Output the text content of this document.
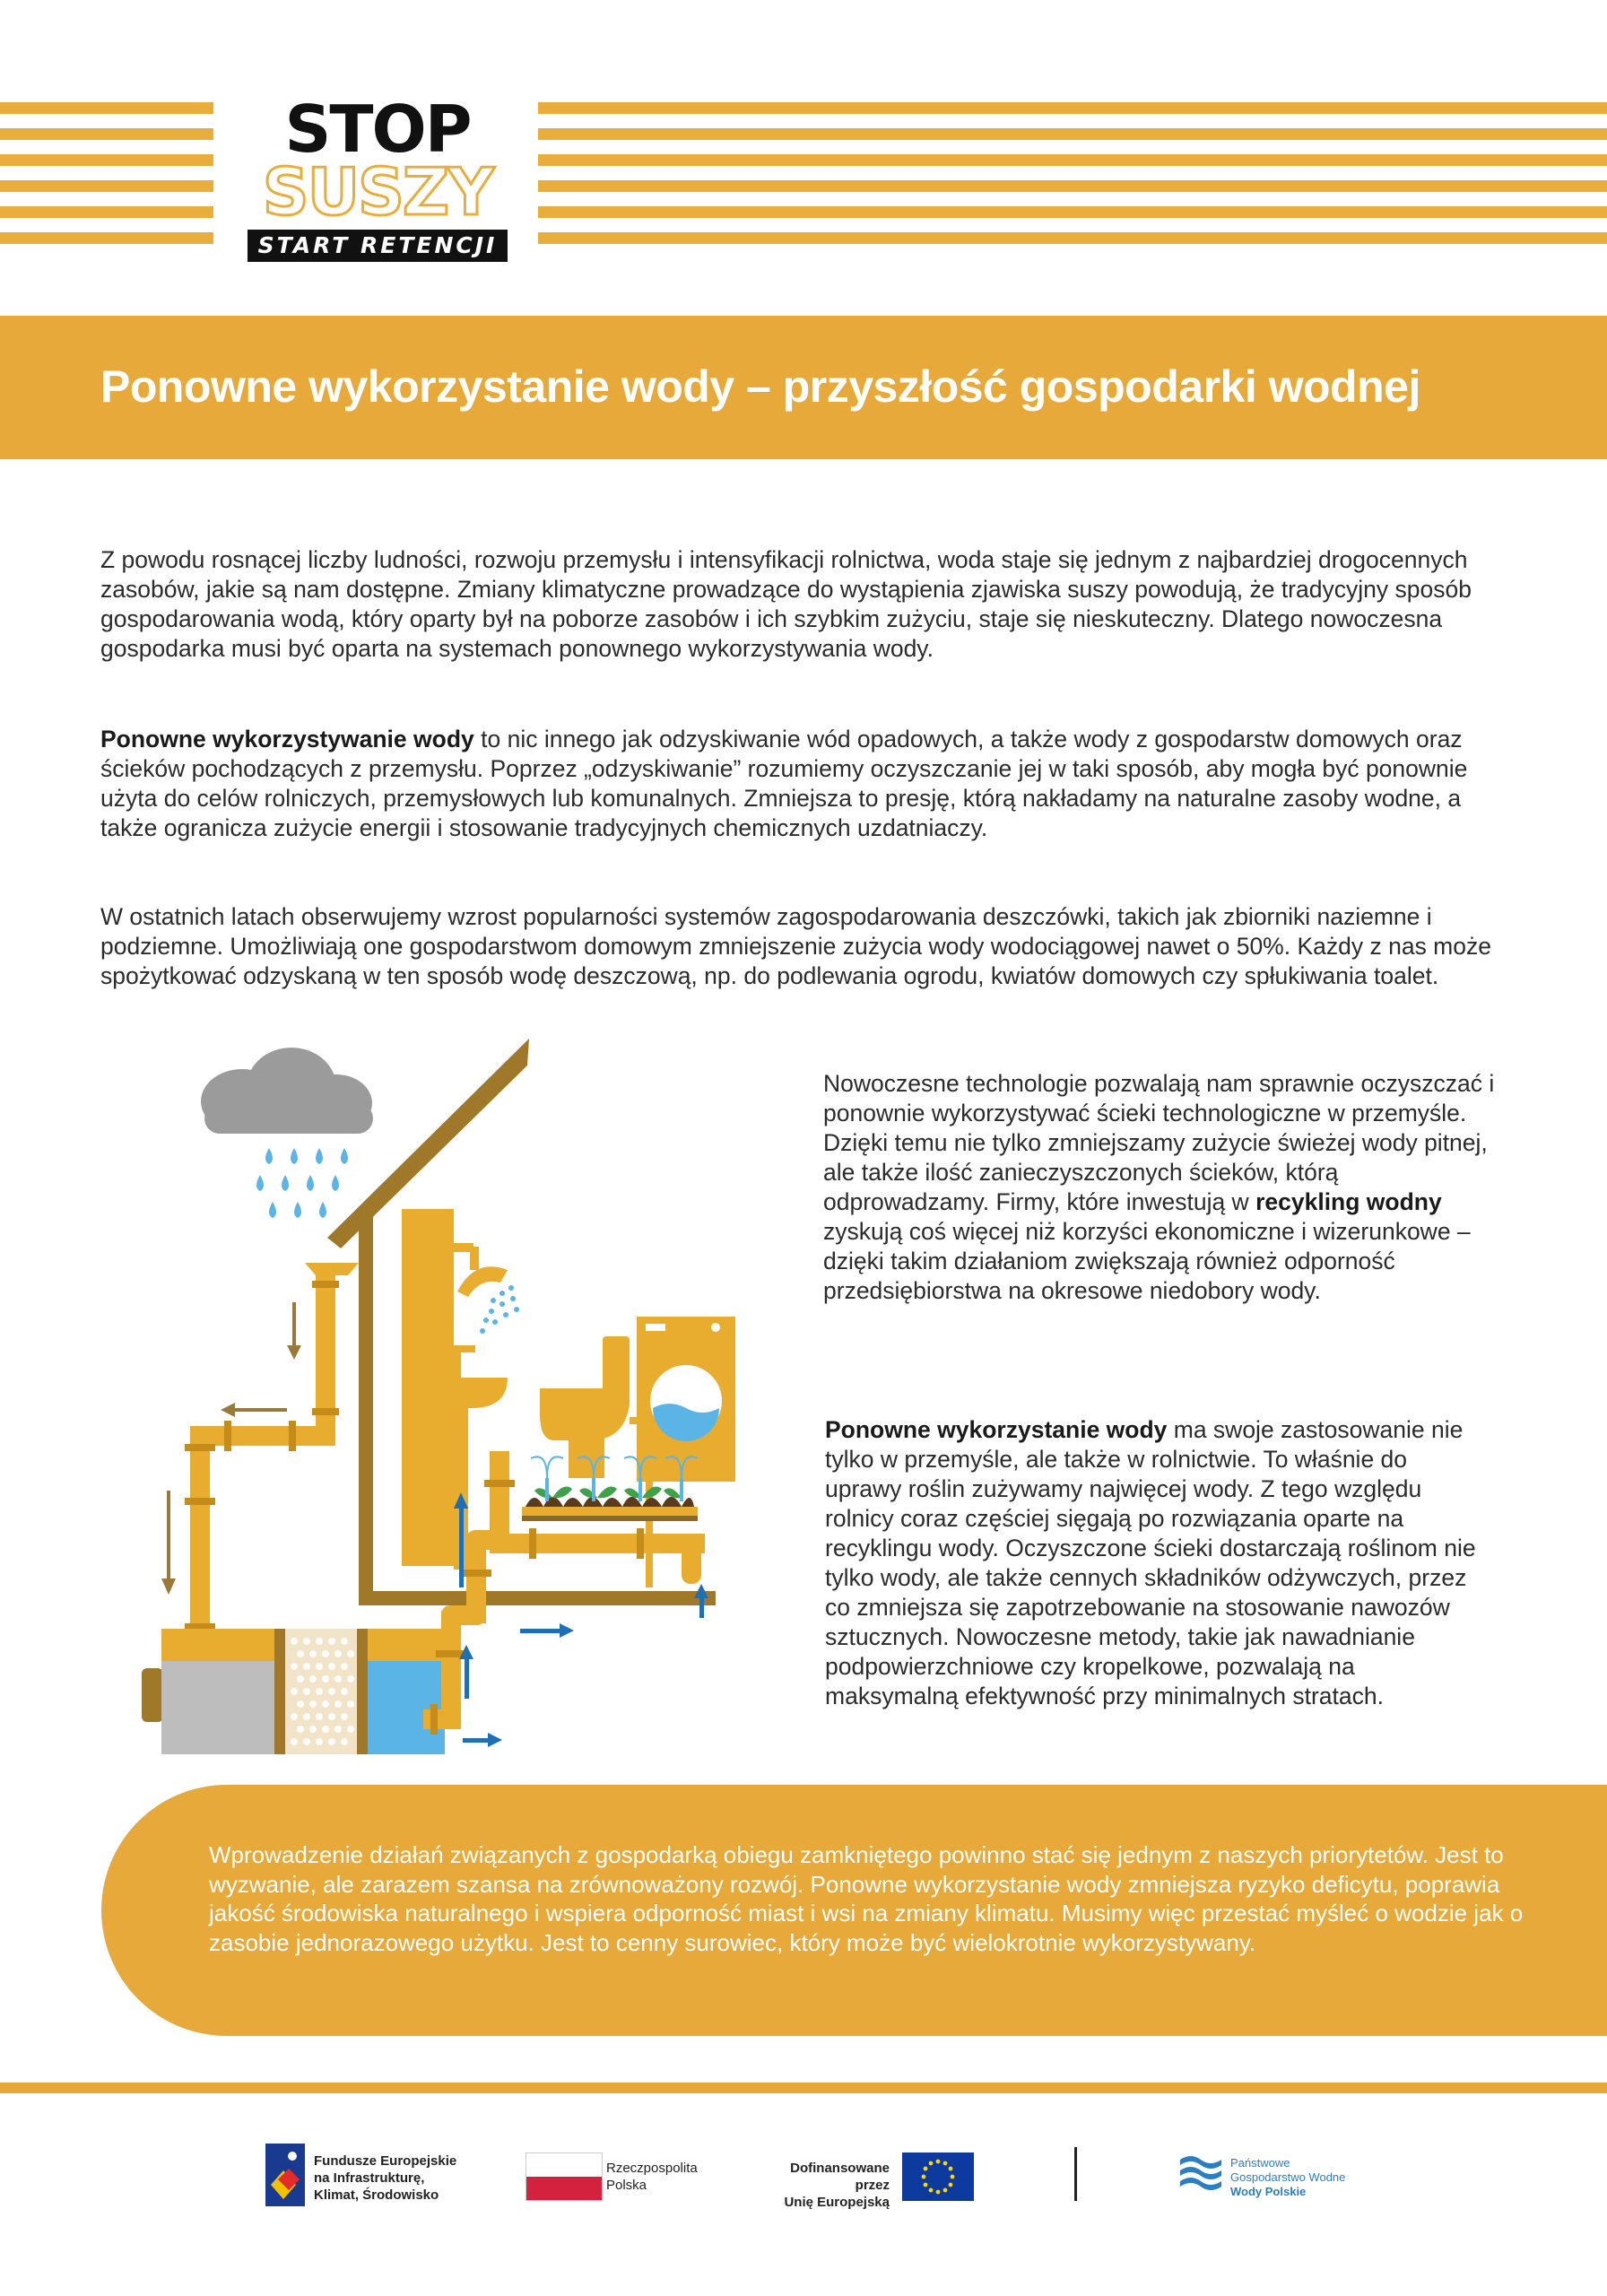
STOP
SUSZY
START RETENCJI
Ponowne wykorzystanie wody – przyszłość gospodarki wodnej

Z powodu rosnącej liczby ludności, rozwoju przemysłu i intensyfikacji rolnictwa, woda staje się jednym z najbardziej drogocennych zasobów, jakie są nam dostępne. Zmiany klimatyczne prowadzące do wystąpienia zjawiska suszy powodują, że tradycyjny sposób gospodarowania wodą, który oparty był na poborze zasobów i ich szybkim zużyciu, staje się nieskuteczny. Dlatego nowoczesna gospodarka musi być oparta na systemach ponownego wykorzystywania wody.

Ponowne wykorzystywanie wody to nic innego jak odzyskiwanie wód opadowych, a także wody z gospodarstw domowych oraz ścieków pochodzących z przemysłu. Poprzez „odzyskiwanie” rozumiemy oczyszczanie jej w taki sposób, aby mogła być ponownie użyta do celów rolniczych, przemysłowych lub komunalnych. Zmniejsza to presję, którą nakładamy na naturalne zasoby wodne, a także ogranicza zużycie energii i stosowanie tradycyjnych chemicznych uzdatniaczy.

W ostatnich latach obserwujemy wzrost popularności systemów zagospodarowania deszczówki, takich jak zbiorniki naziemne i podziemne. Umożliwiają one gospodarstwom domowym zmniejszenie zużycia wody wodociągowej nawet o 50%. Każdy z nas może spożytkować odzyskaną w ten sposób wodę deszczową, np. do podlewania ogrodu, kwiatów domowych czy spłukiwania toalet.

Nowoczesne technologie pozwalają nam sprawnie oczyszczać i ponownie wykorzystywać ścieki technologiczne w przemyśle. Dzięki temu nie tylko zmniejszamy zużycie świeżej wody pitnej, ale także ilość zanieczyszczonych ścieków, którą odprowadzamy. Firmy, które inwestują w recykling wodny zyskują coś więcej niż korzyści ekonomiczne i wizerunkowe – dzięki takim działaniom zwiększają również odporność przedsiębiorstwa na okresowe niedobory wody.

Ponowne wykorzystanie wody ma swoje zastosowanie nie tylko w przemyśle, ale także w rolnictwie. To właśnie do uprawy roślin zużywamy najwięcej wody. Z tego względu rolnicy coraz częściej sięgają po rozwiązania oparte na recyklingu wody. Oczyszczone ścieki dostarczają roślinom nie tylko wody, ale także cennych składników odżywczych, przez co zmniejsza się zapotrzebowanie na stosowanie nawozów sztucznych. Nowoczesne metody, takie jak nawadnianie podpowierzchniowe czy kropelkowe, pozwalają na maksymalną efektywność przy minimalnych stratach.

Wprowadzenie działań związanych z gospodarką obiegu zamkniętego powinno stać się jednym z naszych priorytetów. Jest to wyzwanie, ale zarazem szansa na zrównoważony rozwój. Ponowne wykorzystanie wody zmniejsza ryzyko deficytu, poprawia jakość środowiska naturalnego i wspiera odporność miast i wsi na zmiany klimatu. Musimy więc przestać myśleć o wodzie jak o zasobie jednorazowego użytku. Jest to cenny surowiec, który może być wielokrotnie wykorzystywany.

Fundusze Europejskie
na Infrastrukturę,
Klimat, Środowisko
Rzeczpospolita
Polska
Dofinansowane przez
Unię Europejską
Państwowe
Gospodarstwo Wodne
Wody Polskie
